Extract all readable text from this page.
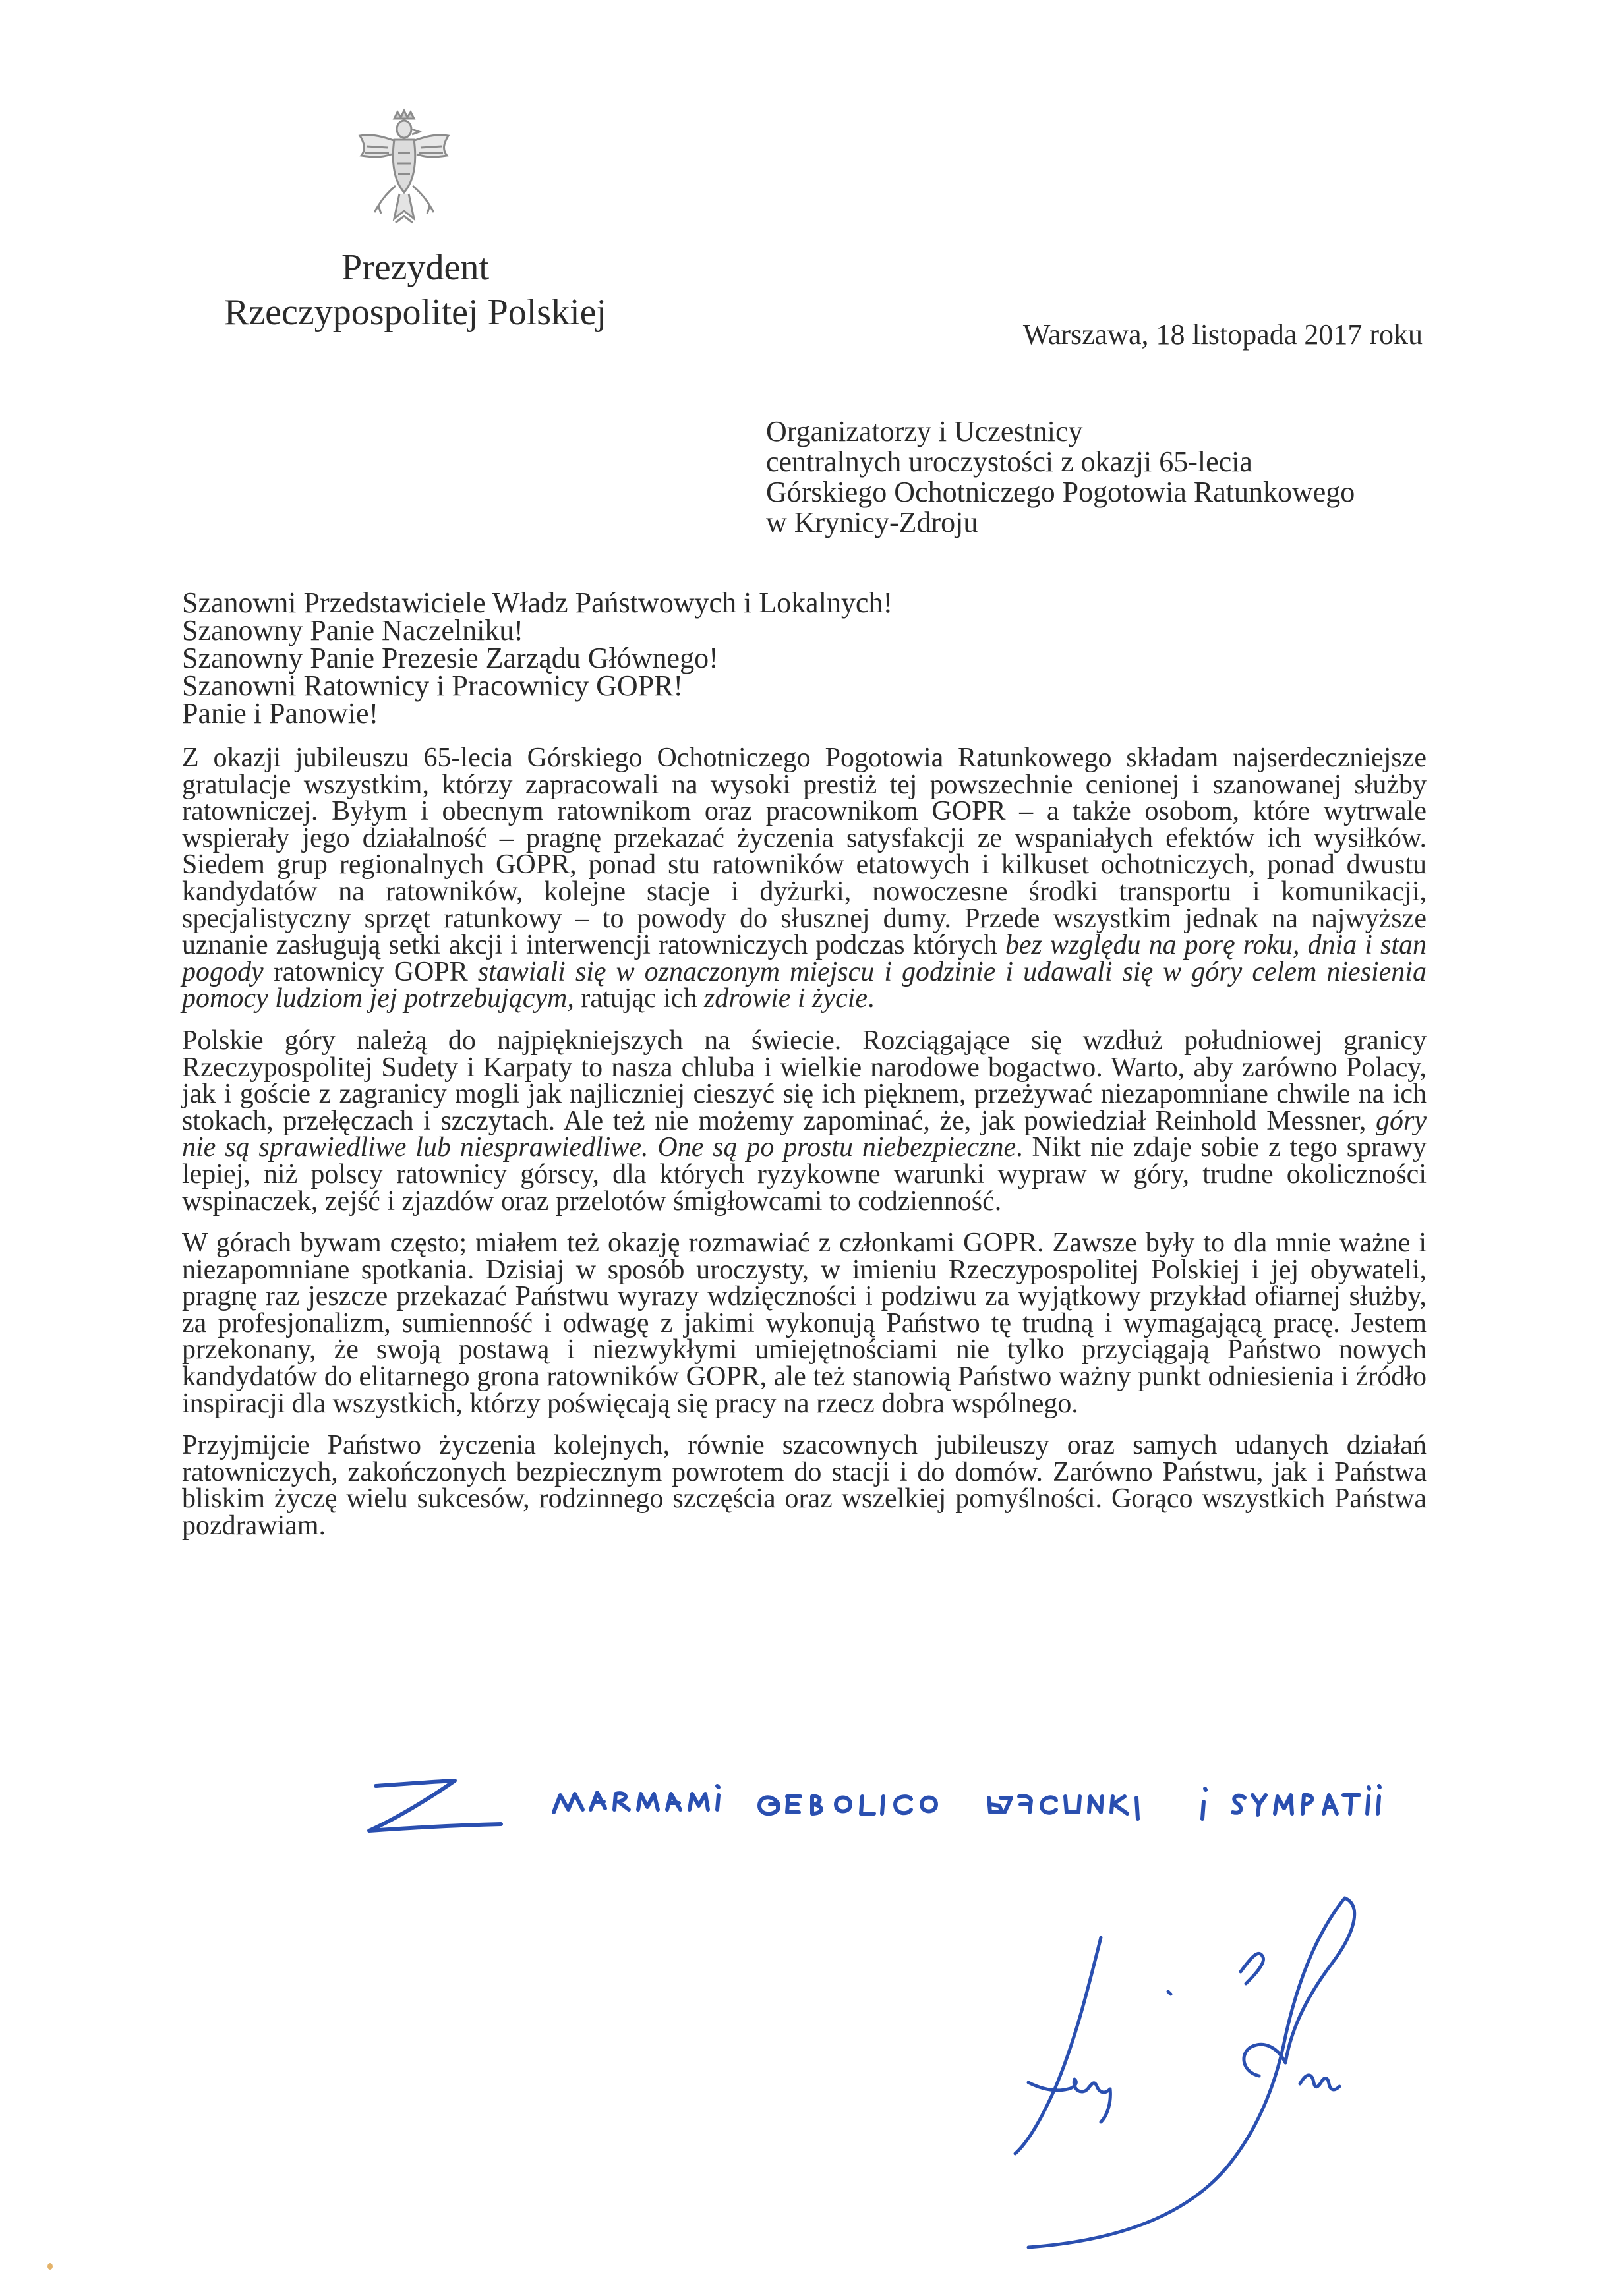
Prezydent
Rzeczypospolitej Polskiej
Warszawa, 18 listopada 2017 roku
Organizatorzy i Uczestnicy
centralnych uroczystości z okazji 65-lecia
Górskiego Ochotniczego Pogotowia Ratunkowego
w Krynicy-Zdroju
Szanowni Przedstawiciele Władz Państwowych i Lokalnych!
Szanowny Panie Naczelniku!
Szanowny Panie Prezesie Zarządu Głównego!
Szanowni Ratownicy i Pracownicy GOPR!
Panie i Panowie!

Z okazji jubileuszu 65-lecia Górskiego Ochotniczego Pogotowia Ratunkowego składam najserdeczniejsze gratulacje wszystkim, którzy zapracowali na wysoki prestiż tej powszechnie cenionej i szanowanej służby ratowniczej. Byłym i obecnym ratownikom oraz pracownikom GOPR – a także osobom, które wytrwale wspierały jego działalność – pragnę przekazać życzenia satysfakcji ze wspaniałych efektów ich wysiłków. Siedem grup regionalnych GOPR, ponad stu ratowników etatowych i kilkuset ochotniczych, ponad dwustu kandydatów na ratowników, kolejne stacje i dyżurki, nowoczesne środki transportu i komunikacji, specjalistyczny sprzęt ratunkowy – to powody do słusznej dumy. Przede wszystkim jednak na najwyższe uznanie zasługują setki akcji i interwencji ratowniczych podczas których bez względu na porę roku, dnia i stan pogody ratownicy GOPR stawiali się w oznaczonym miejscu i godzinie i udawali się w góry celem niesienia pomocy ludziom jej potrzebującym, ratując ich zdrowie i życie.

Polskie góry należą do najpiękniejszych na świecie. Rozciągające się wzdłuż południowej granicy Rzeczypospolitej Sudety i Karpaty to nasza chluba i wielkie narodowe bogactwo. Warto, aby zarówno Polacy, jak i goście z zagranicy mogli jak najliczniej cieszyć się ich pięknem, przeżywać niezapomniane chwile na ich stokach, przełęczach i szczytach. Ale też nie możemy zapominać, że, jak powiedział Reinhold Messner, góry nie są sprawiedliwe lub niesprawiedliwe. One są po prostu niebezpieczne. Nikt nie zdaje sobie z tego sprawy lepiej, niż polscy ratownicy górscy, dla których ryzykowne warunki wypraw w góry, trudne okoliczności wspinaczek, zejść i zjazdów oraz przelotów śmigłowcami to codzienność.

W górach bywam często; miałem też okazję rozmawiać z członkami GOPR. Zawsze były to dla mnie ważne i niezapomniane spotkania. Dzisiaj w sposób uroczysty, w imieniu Rzeczypospolitej Polskiej i jej obywateli, pragnę raz jeszcze przekazać Państwu wyrazy wdzięczności i podziwu za wyjątkowy przykład ofiarnej służby, za profesjonalizm, sumienność i odwagę z jakimi wykonują Państwo tę trudną i wymagającą pracę. Jestem przekonany, że swoją postawą i niezwykłymi umiejętnościami nie tylko przyciągają Państwo nowych kandydatów do elitarnego grona ratowników GOPR, ale też stanowią Państwo ważny punkt odniesienia i źródło inspiracji dla wszystkich, którzy poświęcają się pracy na rzecz dobra wspólnego.

Przyjmijcie Państwo życzenia kolejnych, równie szacownych jubileuszy oraz samych udanych działań ratowniczych, zakończonych bezpiecznym powrotem do stacji i do domów. Zarówno Państwu, jak i Państwa bliskim życzę wielu sukcesów, rodzinnego szczęścia oraz wszelkiej pomyślności. Gorąco wszystkich Państwa pozdrawiam.
